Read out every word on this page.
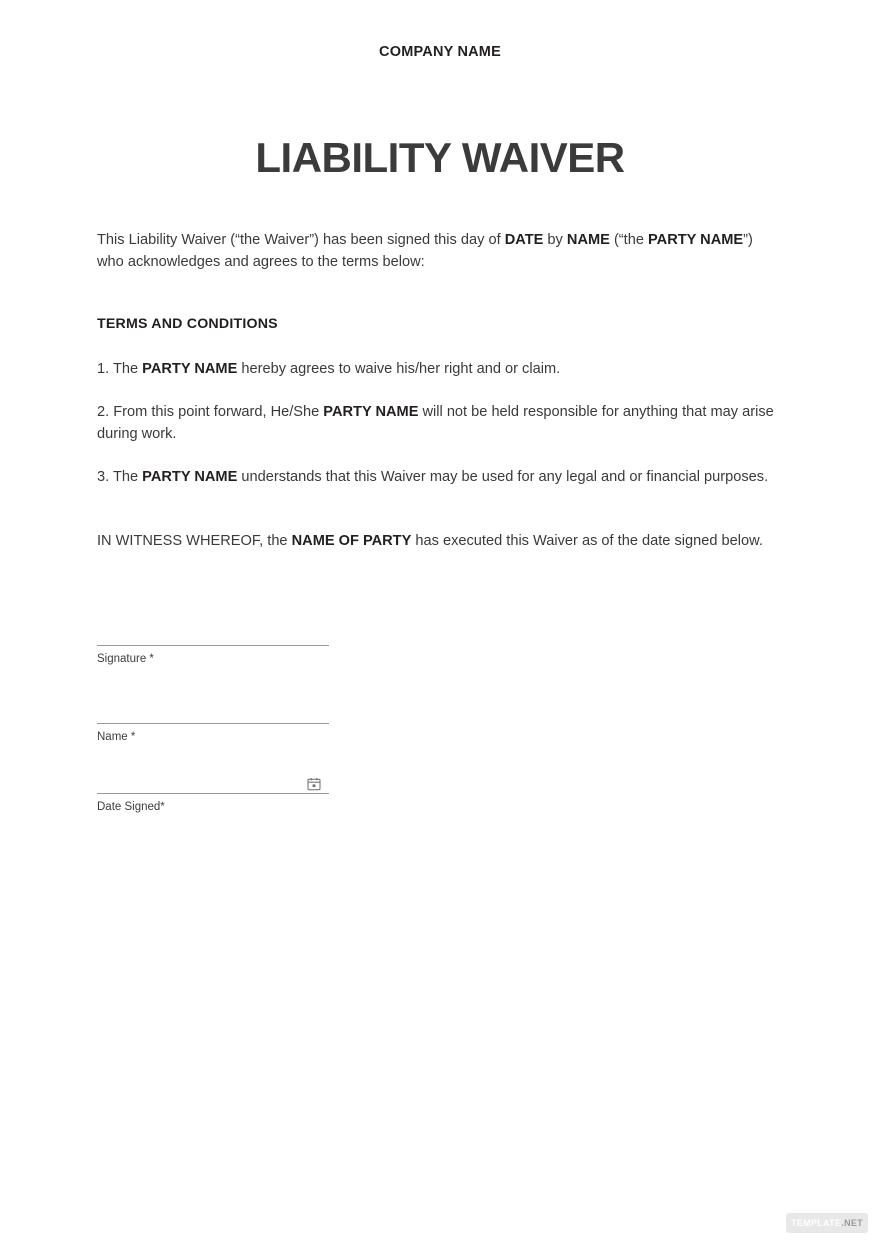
COMPANY NAME
LIABILITY WAIVER

This Liability Waiver (“the Waiver”) has been signed this day of DATE by NAME (“the PARTY NAME”) who acknowledges and agrees to the terms below:

TERMS AND CONDITIONS

1. The PARTY NAME hereby agrees to waive his/her right and or claim.

2. From this point forward, He/She PARTY NAME will not be held responsible for anything that may arise during work.

3. The PARTY NAME understands that this Waiver may be used for any legal and or financial purposes.

IN WITNESS WHEREOF, the NAME OF PARTY has executed this Waiver as of the date signed below.

Signature *
Name *
Date Signed*
TEMPLATE .NET
